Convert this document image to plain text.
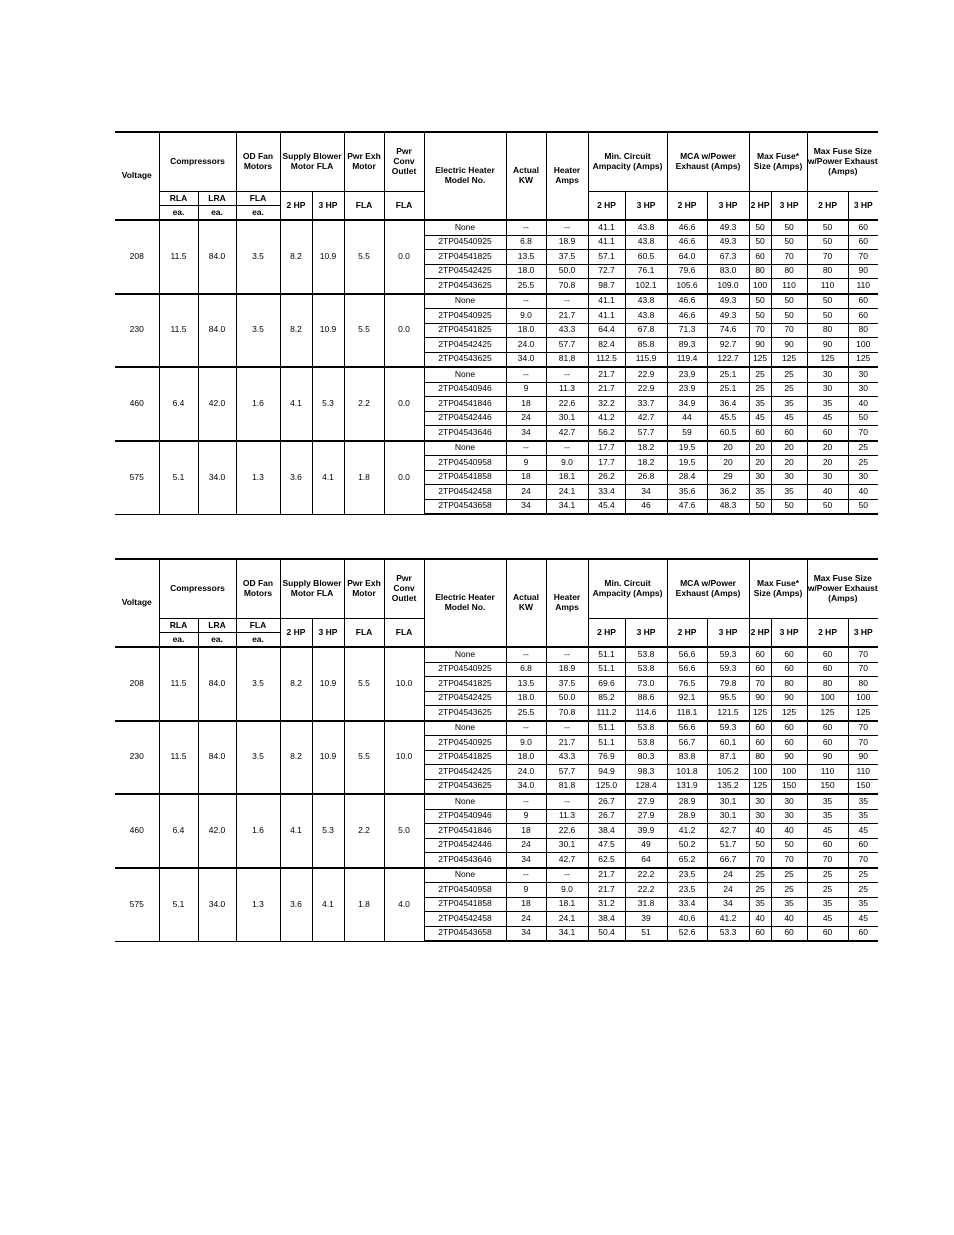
Voltage	Compressors		OD Fan Motors	Supply Blower Motor FLA		Pwr Exh Motor	Pwr Conv Outlet	Electric Heater Model No.	Actual KW	Heater Amps	Min. Circuit Ampacity (Amps)		MCA w/Power Exhaust (Amps)		Max Fuse* Size (Amps)		Max Fuse Size w/Power Exhaust (Amps)	
	RLA	LRA	FLA	2 HP	3 HP	FLA	FLA				2 HP	3 HP	2 HP	3 HP	2 HP	3 HP	2 HP	3 HP
	ea.	ea.	ea.															
208	11.5	84.0	3.5	8.2	10.9	5.5	0.0	None	--	--	41.1	43.8	46.6	49.3	50	50	50	60
								2TP04540925	6.8	18.9	41.1	43.8	46.6	49.3	50	50	50	60
								2TP04541825	13.5	37.5	57.1	60.5	64.0	67.3	60	70	70	70
								2TP04542425	18.0	50.0	72.7	76.1	79.6	83.0	80	80	80	90
								2TP04543625	25.5	70.8	98.7	102.1	105.6	109.0	100	110	110	110
230	11.5	84.0	3.5	8.2	10.9	5.5	0.0	None	--	--	41.1	43.8	46.6	49.3	50	50	50	60
								2TP04540925	9.0	21.7	41.1	43.8	46.6	49.3	50	50	50	60
								2TP04541825	18.0	43.3	64.4	67.8	71.3	74.6	70	70	80	80
								2TP04542425	24.0	57.7	82.4	85.8	89.3	92.7	90	90	90	100
								2TP04543625	34.0	81.8	112.5	115.9	119.4	122.7	125	125	125	125
460	6.4	42.0	1.6	4.1	5.3	2.2	0.0	None	--	--	21.7	22.9	23.9	25.1	25	25	30	30
								2TP04540946	9	11.3	21.7	22.9	23.9	25.1	25	25	30	30
								2TP04541846	18	22.6	32.2	33.7	34.9	36.4	35	35	35	40
								2TP04542446	24	30.1	41.2	42.7	44	45.5	45	45	45	50
								2TP04543646	34	42.7	56.2	57.7	59	60.5	60	60	60	70
575	5.1	34.0	1.3	3.6	4.1	1.8	0.0	None	--	--	17.7	18.2	19.5	20	20	20	20	25
								2TP04540958	9	9.0	17.7	18.2	19.5	20	20	20	20	25
								2TP04541858	18	18.1	26.2	26.8	28.4	29	30	30	30	30
								2TP04542458	24	24.1	33.4	34	35.6	36.2	35	35	40	40
								2TP04543658	34	34.1	45.4	46	47.6	48.3	50	50	50	50
Voltage	Compressors		OD Fan Motors	Supply Blower Motor FLA		Pwr Exh Motor	Pwr Conv Outlet	Electric Heater Model No.	Actual KW	Heater Amps	Min. Circuit Ampacity (Amps)		MCA w/Power Exhaust (Amps)		Max Fuse* Size (Amps)		Max Fuse Size w/Power Exhaust (Amps)	
	RLA	LRA	FLA	2 HP	3 HP	FLA	FLA				2 HP	3 HP	2 HP	3 HP	2 HP	3 HP	2 HP	3 HP
	ea.	ea.	ea.															
208	11.5	84.0	3.5	8.2	10.9	5.5	10.0	None	--	--	51.1	53.8	56.6	59.3	60	60	60	70
								2TP04540925	6.8	18.9	51.1	53.8	56.6	59.3	60	60	60	70
								2TP04541825	13.5	37.5	69.6	73.0	76.5	79.8	70	80	80	80
								2TP04542425	18.0	50.0	85.2	88.6	92.1	95.5	90	90	100	100
								2TP04543625	25.5	70.8	111.2	114.6	118.1	121.5	125	125	125	125
230	11.5	84.0	3.5	8.2	10.9	5.5	10.0	None	--	--	51.1	53.8	56.6	59.3	60	60	60	70
								2TP04540925	9.0	21.7	51.1	53.8	56.7	60.1	60	60	60	70
								2TP04541825	18.0	43.3	76.9	80.3	83.8	87.1	80	90	90	90
								2TP04542425	24.0	57.7	94.9	98.3	101.8	105.2	100	100	110	110
								2TP04543625	34.0	81.8	125.0	128.4	131.9	135.2	125	150	150	150
460	6.4	42.0	1.6	4.1	5.3	2.2	5.0	None	--	--	26.7	27.9	28.9	30.1	30	30	35	35
								2TP04540946	9	11.3	26.7	27.9	28.9	30.1	30	30	35	35
								2TP04541846	18	22.6	38.4	39.9	41.2	42.7	40	40	45	45
								2TP04542446	24	30.1	47.5	49	50.2	51.7	50	50	60	60
								2TP04543646	34	42.7	62.5	64	65.2	66.7	70	70	70	70
575	5.1	34.0	1.3	3.6	4.1	1.8	4.0	None	--	--	21.7	22.2	23.5	24	25	25	25	25
								2TP04540958	9	9.0	21.7	22.2	23.5	24	25	25	25	25
								2TP04541858	18	18.1	31.2	31.8	33.4	34	35	35	35	35
								2TP04542458	24	24.1	38.4	39	40.6	41.2	40	40	45	45
								2TP04543658	34	34.1	50.4	51	52.6	53.3	60	60	60	60
